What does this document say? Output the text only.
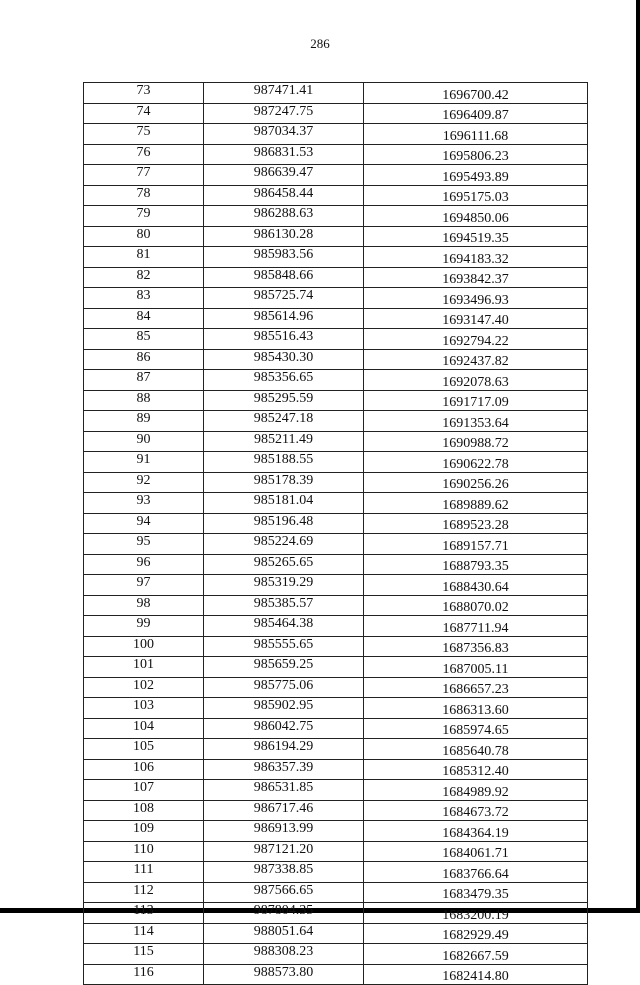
286
73	987471.41	1696700.42
74	987247.75	1696409.87
75	987034.37	1696111.68
76	986831.53	1695806.23
77	986639.47	1695493.89
78	986458.44	1695175.03
79	986288.63	1694850.06
80	986130.28	1694519.35
81	985983.56	1694183.32
82	985848.66	1693842.37
83	985725.74	1693496.93
84	985614.96	1693147.40
85	985516.43	1692794.22
86	985430.30	1692437.82
87	985356.65	1692078.63
88	985295.59	1691717.09
89	985247.18	1691353.64
90	985211.49	1690988.72
91	985188.55	1690622.78
92	985178.39	1690256.26
93	985181.04	1689889.62
94	985196.48	1689523.28
95	985224.69	1689157.71
96	985265.65	1688793.35
97	985319.29	1688430.64
98	985385.57	1688070.02
99	985464.38	1687711.94
100	985555.65	1687356.83
101	985659.25	1687005.11
102	985775.06	1686657.23
103	985902.95	1686313.60
104	986042.75	1685974.65
105	986194.29	1685640.78
106	986357.39	1685312.40
107	986531.85	1684989.92
108	986717.46	1684673.72
109	986913.99	1684364.19
110	987121.20	1684061.71
111	987338.85	1683766.64
112	987566.65	1683479.35
113	987804.35	1683200.19
114	988051.64	1682929.49
115	988308.23	1682667.59
116	988573.80	1682414.80
